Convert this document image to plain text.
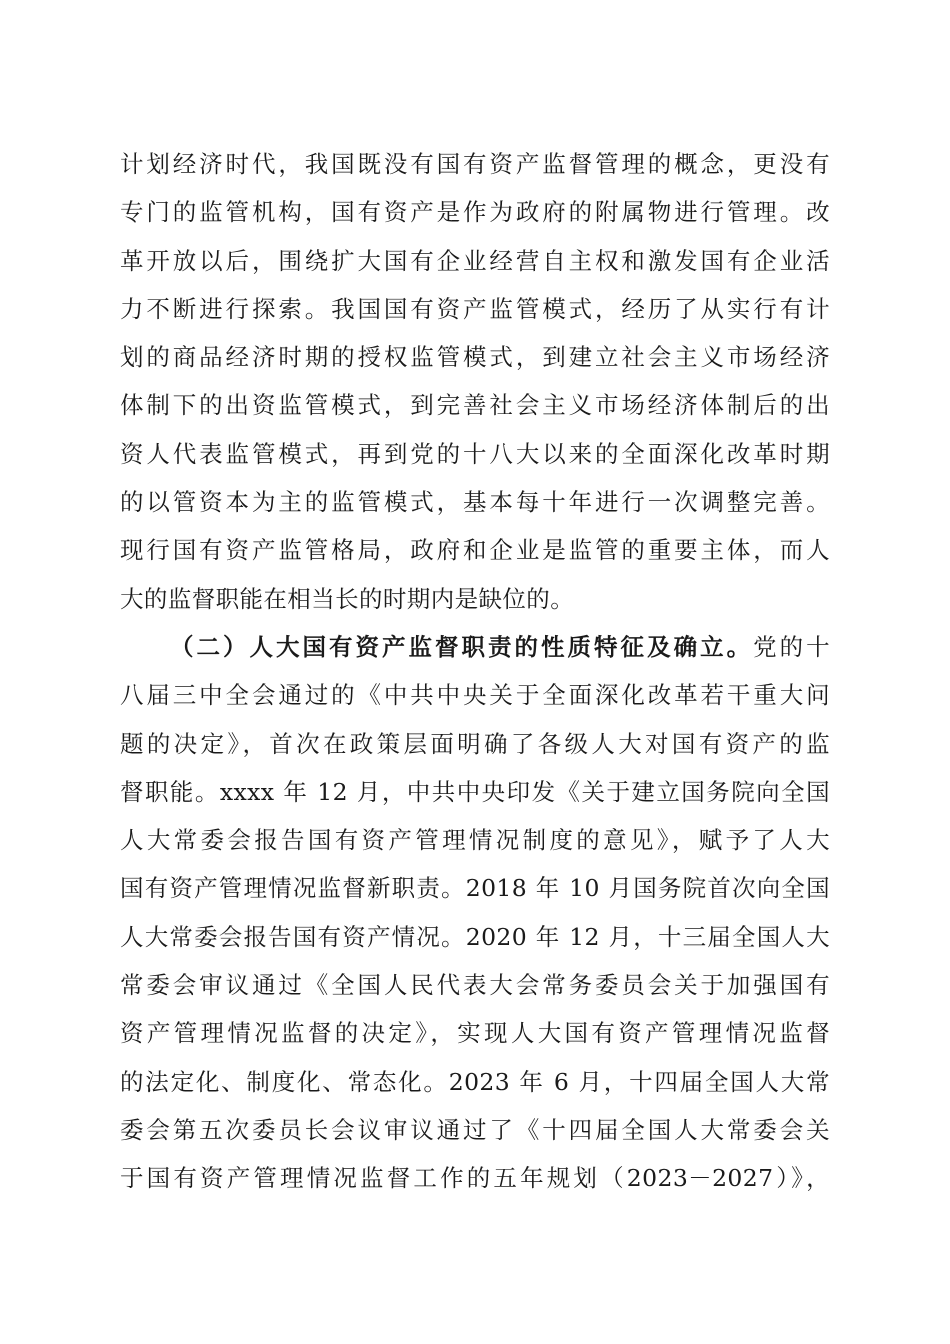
计划经济时代，我国既没有国有资产监督管理的概念，更没有
专门的监管机构，国有资产是作为政府的附属物进行管理。改
革开放以后，围绕扩大国有企业经营自主权和激发国有企业活
力不断进行探索。我国国有资产监管模式，经历了从实行有计
划的商品经济时期的授权监管模式，到建立社会主义市场经济
体制下的出资监管模式，到完善社会主义市场经济体制后的出
资人代表监管模式，再到党的十八大以来的全面深化改革时期
的以管资本为主的监管模式，基本每十年进行一次调整完善。
现行国有资产监管格局，政府和企业是监管的重要主体，而人
大的监督职能在相当长的时期内是缺位的。
（二）人大国有资产监督职责的性质特征及确立。党的十
八届三中全会通过的《中共中央关于全面深化改革若干重大问
题的决定》，首次在政策层面明确了各级人大对国有资产的监
督职能。xxxx 年 12 月，中共中央印发《关于建立国务院向全国
人大常委会报告国有资产管理情况制度的意见》，赋予了人大
国有资产管理情况监督新职责。2018 年 10 月国务院首次向全国
人大常委会报告国有资产情况。2020 年 12 月，十三届全国人大
常委会审议通过《全国人民代表大会常务委员会关于加强国有
资产管理情况监督的决定》，实现人大国有资产管理情况监督
的法定化、制度化、常态化。2023 年 6 月，十四届全国人大常
委会第五次委员长会议审议通过了《十四届全国人大常委会关
于国有资产管理情况监督工作的五年规划（2023－2027）》，
